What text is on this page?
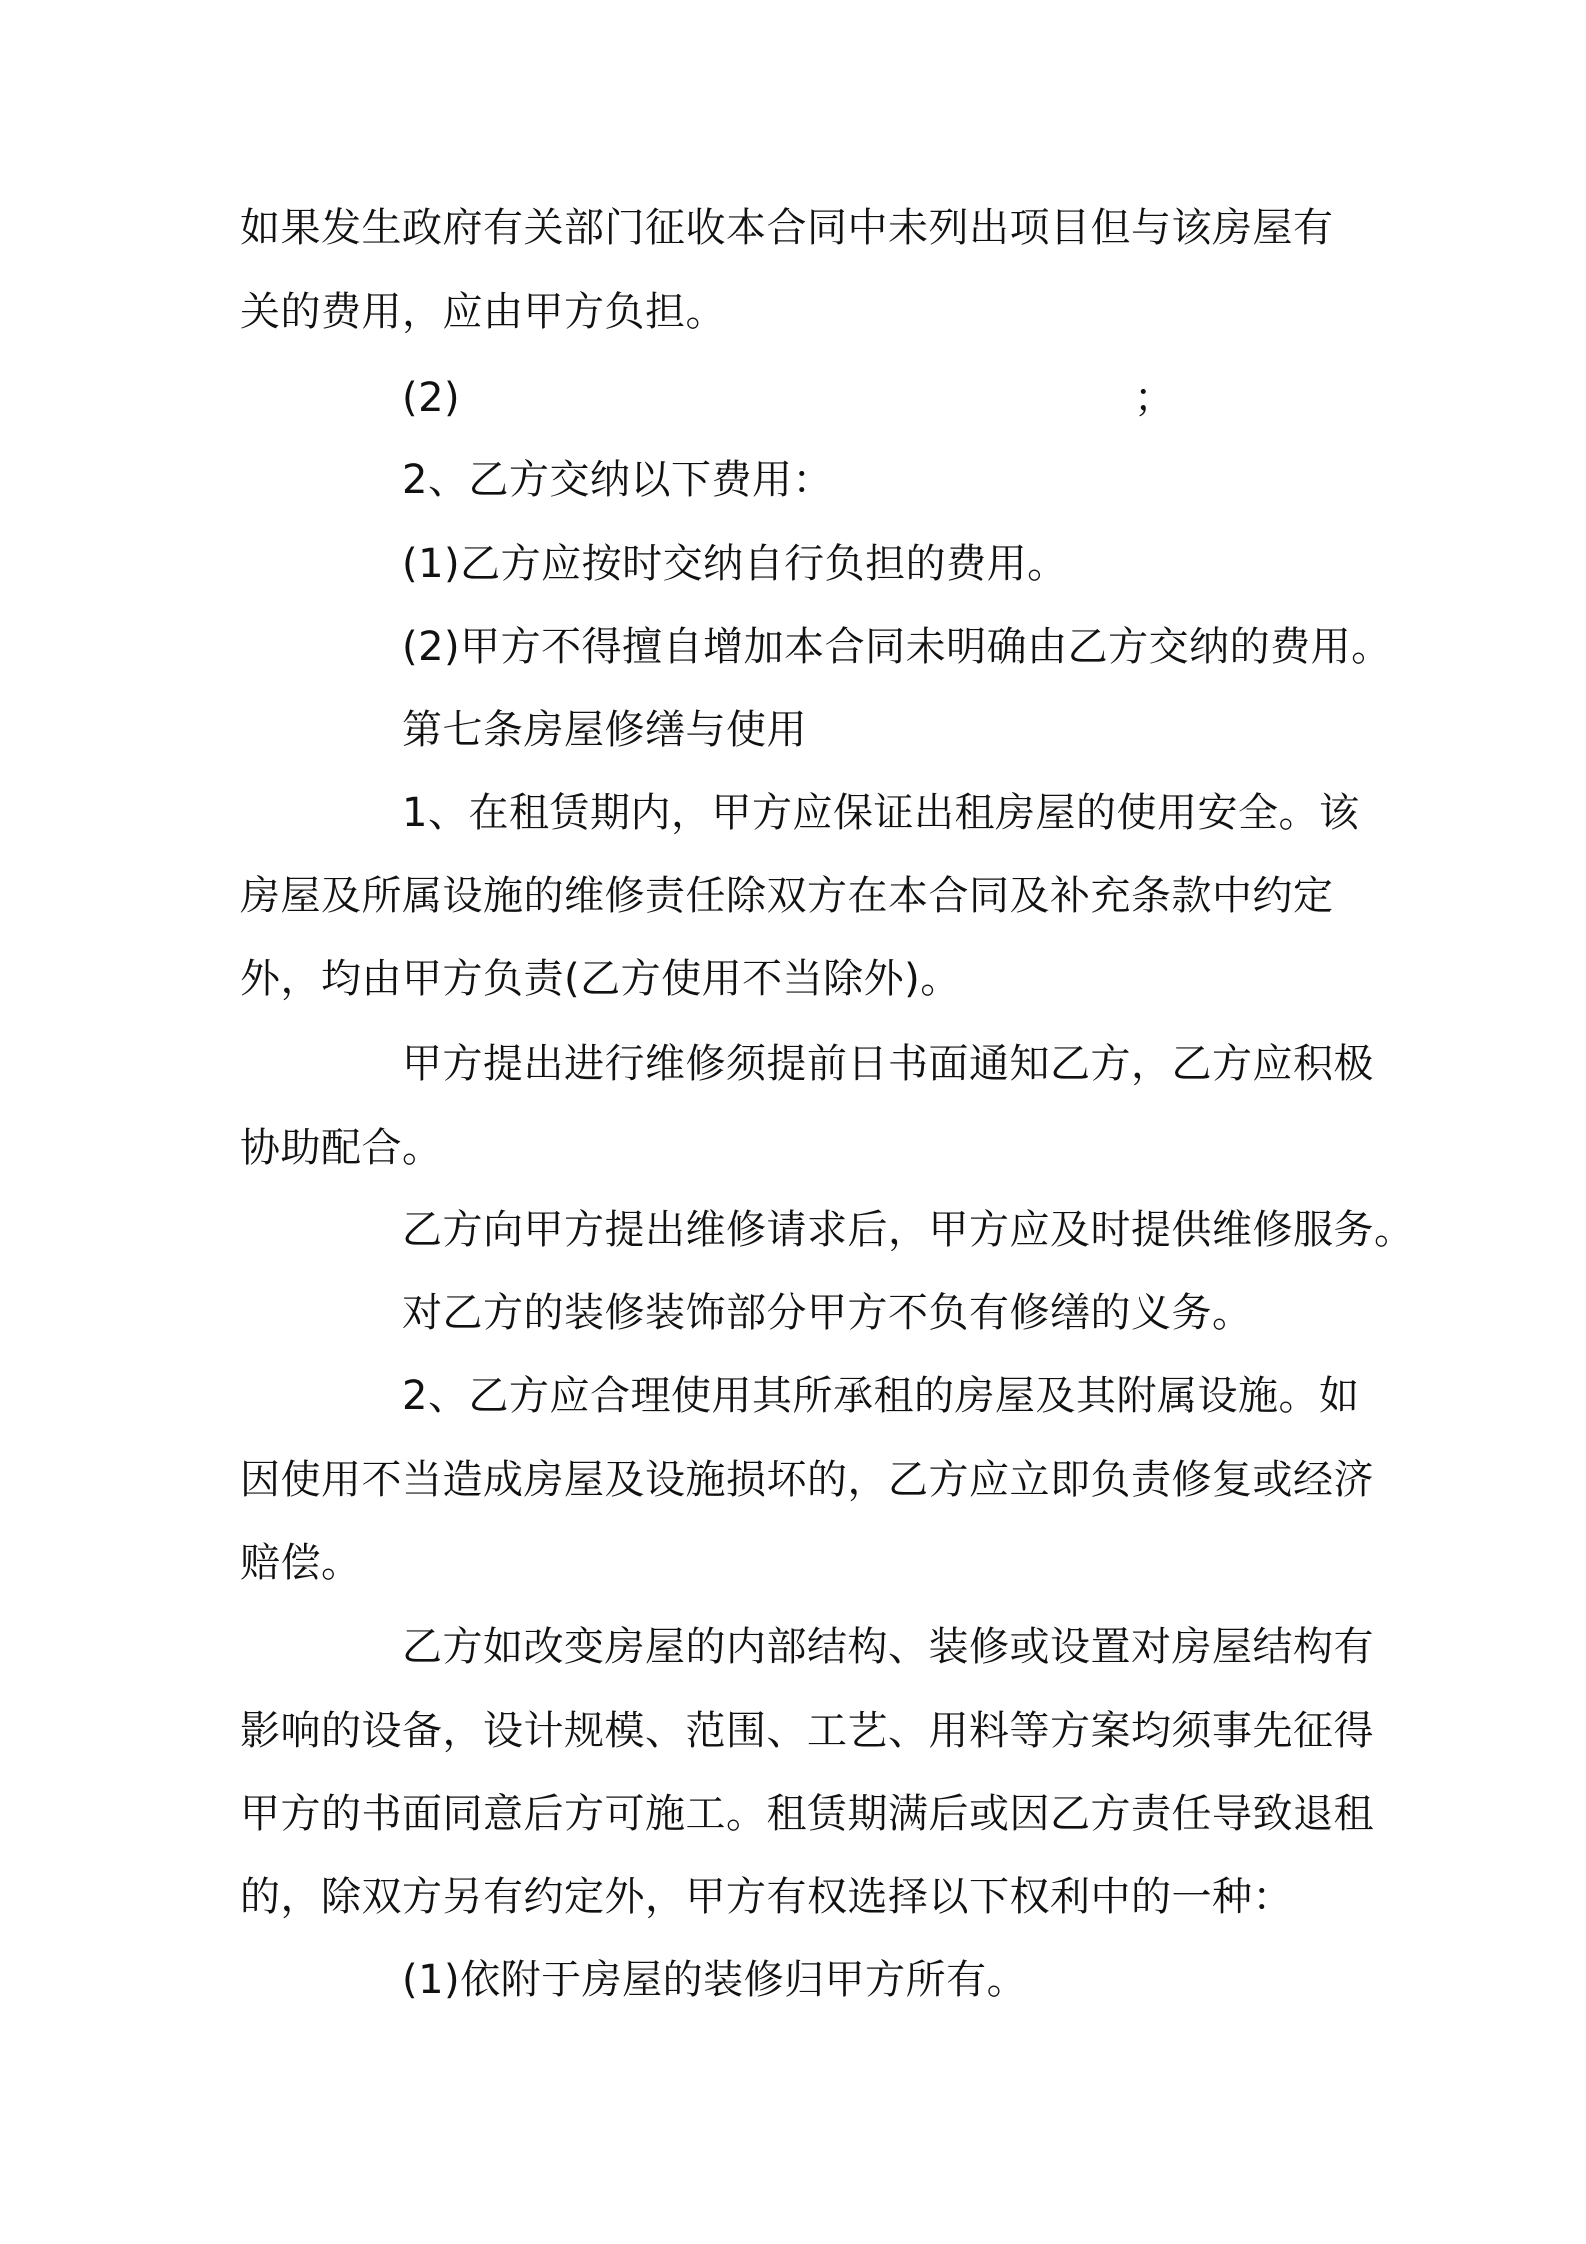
如果发生政府有关部门征收本合同中未列出项目但与该房屋有
关的费用，应由甲方负担。
(2)	；
2、乙方交纳以下费用：
(1)乙方应按时交纳自行负担的费用。
(2)甲方不得擅自增加本合同未明确由乙方交纳的费用。
第七条房屋修缮与使用
1、在租赁期内，甲方应保证出租房屋的使用安全。该
房屋及所属设施的维修责任除双方在本合同及补充条款中约定
外，均由甲方负责(乙方使用不当除外)。
甲方提出进行维修须提前日书面通知乙方，乙方应积极
协助配合。
乙方向甲方提出维修请求后，甲方应及时提供维修服务。
对乙方的装修装饰部分甲方不负有修缮的义务。
2、乙方应合理使用其所承租的房屋及其附属设施。如
因使用不当造成房屋及设施损坏的，乙方应立即负责修复或经济
赔偿。
乙方如改变房屋的内部结构、装修或设置对房屋结构有
影响的设备，设计规模、范围、工艺、用料等方案均须事先征得
甲方的书面同意后方可施工。租赁期满后或因乙方责任导致退租
的，除双方另有约定外，甲方有权选择以下权利中的一种：
(1)依附于房屋的装修归甲方所有。
